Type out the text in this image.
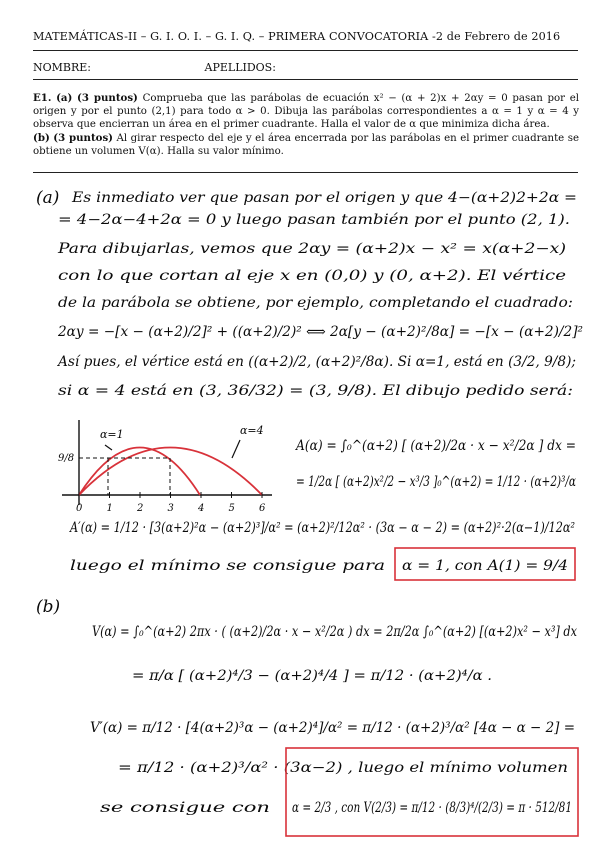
MATEMÁTICAS-II – G. I. O. I. – G. I. Q. – PRIMERA CONVOCATORIA -2 de Febrero de 2016
NOMBRE:	APELLIDOS:

E1. (a) (3 puntos) Comprueba que las parábolas de ecuación x² − (α + 2)x + 2αy = 0 pasan por el origen y por el punto (2,1) para todo α > 0. Dibuja las parábolas correspondientes a α = 1 y α = 4 y observa que encierran un área en el primer cuadrante. Halla el valor de α que minimiza dicha área.

(b) (3 puntos) Al girar respecto del eje y el área encerrada por las parábolas en el primer cuadrante se obtiene un volumen V(α). Halla su valor mínimo.

(a) Es inmediato ver que pasan por el origen y que 4−(α+2)2+2α =
= 4−2α−4+2α = 0 y luego pasan también por el punto (2, 1).
Para dibujarlas, vemos que 2αy = (α+2)x − x² = x(α+2−x)
con lo que cortan al eje x en (0,0) y (0, α+2). El vértice
de la parábola se obtiene, por ejemplo, completando el cuadrado:
2αy = −[x − (α+2)/2]² + ((α+2)/2)² ⟺ 2α[y − (α+2)²/8α] = −[x − (α+2)/2]²
Así pues, el vértice está en ((α+2)/2, (α+2)²/8α). Si α=1, está en (3/2, 9/8);
si α = 4 está en (3, 36/32) = (3, 9/8). El dibujo pedido será:
α=1	α=4
9/8
0 1 2 3 4 5 6
A(α) = ∫₀^(α+2) [ (α+2)/2α · x − x²/2α ] dx =
= 1/2α [ (α+2)x²/2 − x³/3 ]₀^(α+2) = 1/12 · (α+2)³/α
A′(α) = 1/12 · [3(α+2)²α − (α+2)³]/α² = (α+2)²/12α² · (3α − α − 2) = (α+2)²·2(α−1)/12α²
luego el mínimo se consigue para α = 1, con A(1) = 9/4
(b)
V(α) = ∫₀^(α+2) 2πx · ( (α+2)/2α · x − x²/2α ) dx = 2π/2α ∫₀^(α+2) [(α+2)x² − x³] dx
= π/α [ (α+2)⁴/3 − (α+2)⁴/4 ] = π/12 · (α+2)⁴/α .
V′(α) = π/12 · [4(α+2)³α − (α+2)⁴]/α² = π/12 · (α+2)³/α² [4α − α − 2] =
= π/12 · (α+2)³/α² · (3α−2) , luego el mínimo volumen
se consigue con α = 2/3 , con V(2/3) = π/12 · (8/3)⁴/(2/3) = π · 512/81
